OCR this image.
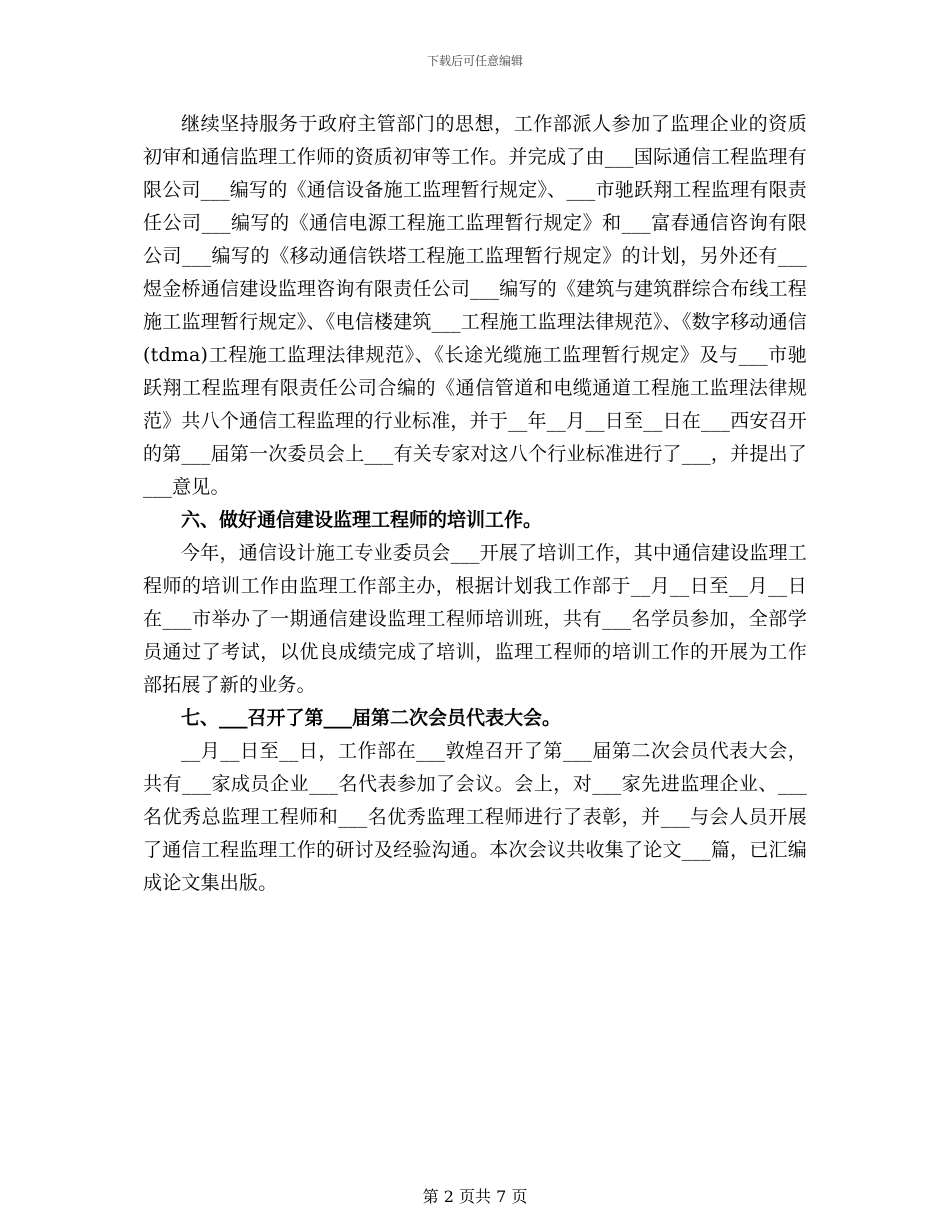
下载后可任意编辑

继续坚持服务于政府主管部门的思想，工作部派人参加了监理企业的资质初审和通信监理工作师的资质初审等工作。并完成了由___国际通信工程监理有限公司___编写的《通信设备施工监理暂行规定》、___市驰跃翔工程监理有限责任公司___编写的《通信电源工程施工监理暂行规定》和___富春通信咨询有限公司___编写的《移动通信铁塔工程施工监理暂行规定》的计划，另外还有___煜金桥通信建设监理咨询有限责任公司___编写的《建筑与建筑群综合布线工程施工监理暂行规定》、《电信楼建筑___工程施工监理法律规范》、《数字移动通信(tdma)工程施工监理法律规范》、《长途光缆施工监理暂行规定》及与___市驰跃翔工程监理有限责任公司合编的《通信管道和电缆通道工程施工监理法律规范》共八个通信工程监理的行业标准，并于__年__月__日至__日在___西安召开的第___届第一次委员会上___有关专家对这八个行业标准进行了___，并提出了___意见。

六、做好通信建设监理工程师的培训工作。

今年，通信设计施工专业委员会___开展了培训工作，其中通信建设监理工程师的培训工作由监理工作部主办，根据计划我工作部于__月__日至__月__日在___市举办了一期通信建设监理工程师培训班，共有___名学员参加，全部学员通过了考试，以优良成绩完成了培训，监理工程师的培训工作的开展为工作部拓展了新的业务。

七、___召开了第___届第二次会员代表大会。

__月__日至__日，工作部在___敦煌召开了第___届第二次会员代表大会，共有___家成员企业___名代表参加了会议。会上，对___家先进监理企业、___名优秀总监理工程师和___名优秀监理工程师进行了表彰，并___与会人员开展了通信工程监理工作的研讨及经验沟通。本次会议共收集了论文___篇，已汇编成论文集出版。

第 2 页共 7 页
